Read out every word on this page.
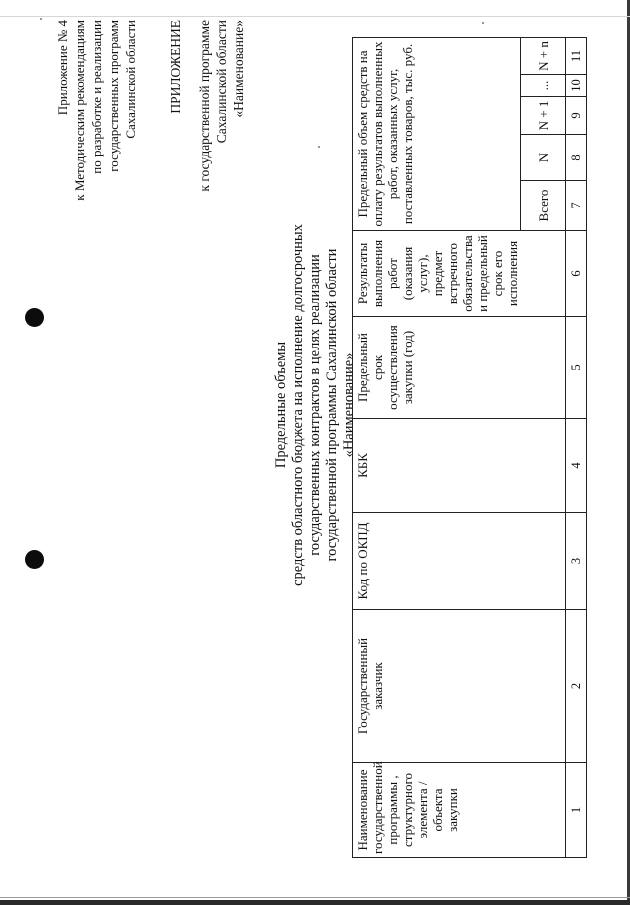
Приложение № 4 к Методическим рекомендациям по разработке и реализации государственных программ Сахалинской области ПРИЛОЖЕНИЕ к государственной программе Сахалинской области «Наименование»
Предельные объемы средств областного бюджета на исполнение долгосрочных государственных контрактов в целях реализации государственной программы Сахалинской области «Наименование»
Наименование государственной программы , структурного элемента / объекта закупки	Государственный заказчик	Код по ОКПД	КБК	Предельный срок осуществления закупки (год)	Результаты выполнения работ (оказания услуг), предмет встречного обязательства и предельный срок его исполнения	Предельный объем средств на оплату результатов выполненных работ, оказанных услуг, поставленных товаров, тыс. руб.				
						Всего	N	N + 1	...	N + n
1	2	3	4	5	6	7	8	9	10	11
